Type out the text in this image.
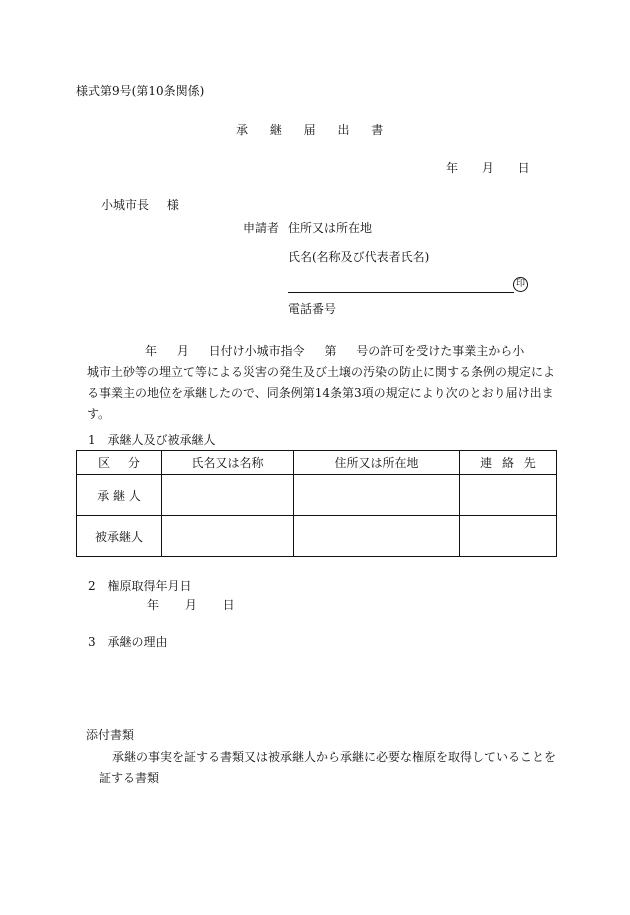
様式第9号(第10条関係)
承 継 届 出 書
年 月 日
小城市長 様
申請者 住所又は所在地
氏名(名称及び代表者氏名)
印
電話番号

年 月 日付け小城市指令 第 号の許可を受けた事業主から小

城市土砂等の埋立て等による災害の発生及び土壌の汚染の防止に関する条例の規定によ

る事業主の地位を承継したので、同条例第14条第3項の規定により次のとおり届け出ま

す。

1 承継人及び被承継人
区 分	氏名又は名称	住所又は所在地	連 絡 先
承 継 人			
被承継人			
2 権原取得年月日
年 月 日
3 承継の理由
添付書類

承継の事実を証する書類又は被承継人から承継に必要な権原を取得していることを

証する書類
